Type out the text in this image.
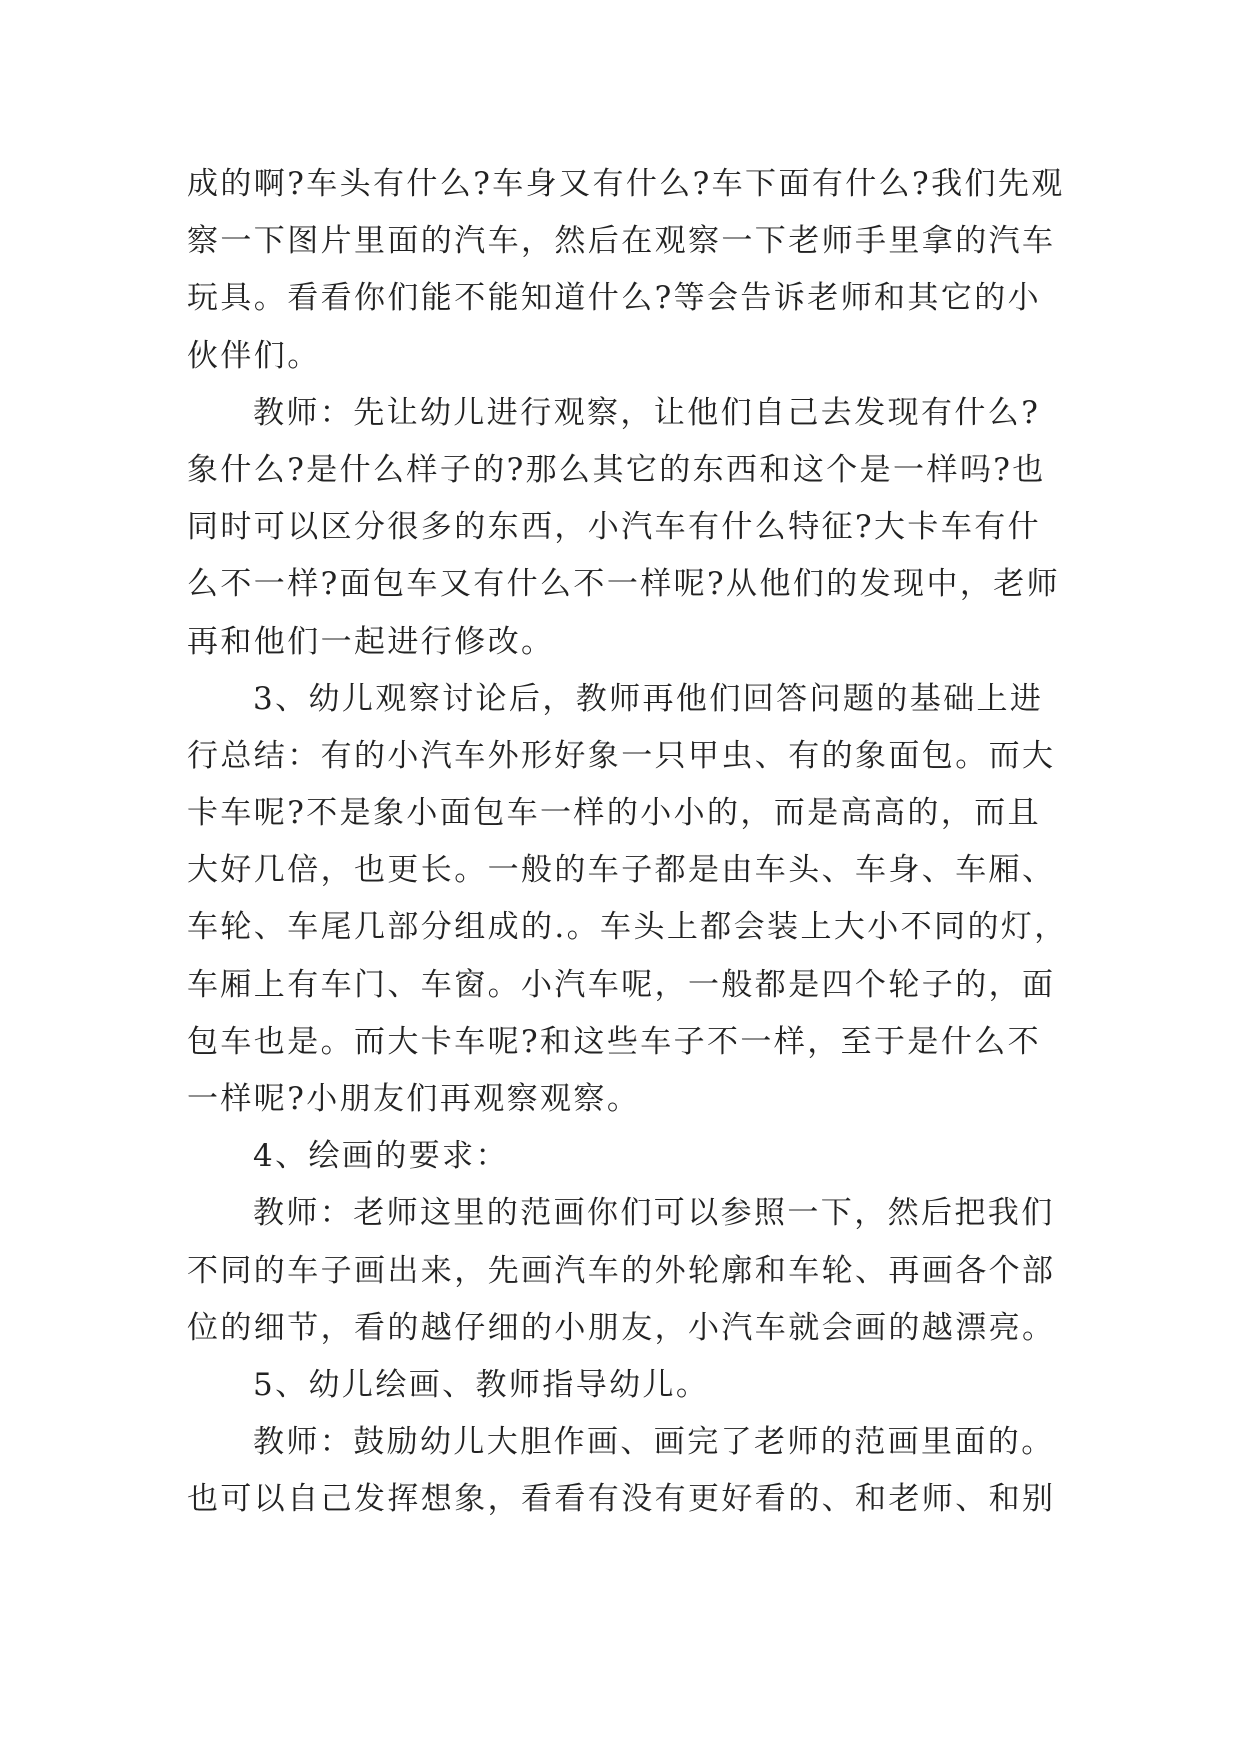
成的啊?车头有什么?车身又有什么?车下面有什么?我们先观
察一下图片里面的汽车，然后在观察一下老师手里拿的汽车
玩具。看看你们能不能知道什么?等会告诉老师和其它的小
伙伴们。
教师：先让幼儿进行观察，让他们自己去发现有什么?
象什么?是什么样子的?那么其它的东西和这个是一样吗?也
同时可以区分很多的东西，小汽车有什么特征?大卡车有什
么不一样?面包车又有什么不一样呢?从他们的发现中，老师
再和他们一起进行修改。
3、幼儿观察讨论后，教师再他们回答问题的基础上进
行总结：有的小汽车外形好象一只甲虫、有的象面包。而大
卡车呢?不是象小面包车一样的小小的，而是高高的，而且
大好几倍，也更长。一般的车子都是由车头、车身、车厢、
车轮、车尾几部分组成的.。车头上都会装上大小不同的灯，
车厢上有车门、车窗。小汽车呢，一般都是四个轮子的，面
包车也是。而大卡车呢?和这些车子不一样，至于是什么不
一样呢?小朋友们再观察观察。
4、绘画的要求：
教师：老师这里的范画你们可以参照一下，然后把我们
不同的车子画出来，先画汽车的外轮廓和车轮、再画各个部
位的细节，看的越仔细的小朋友，小汽车就会画的越漂亮。
5、幼儿绘画、教师指导幼儿。
教师：鼓励幼儿大胆作画、画完了老师的范画里面的。
也可以自己发挥想象，看看有没有更好看的、和老师、和别
